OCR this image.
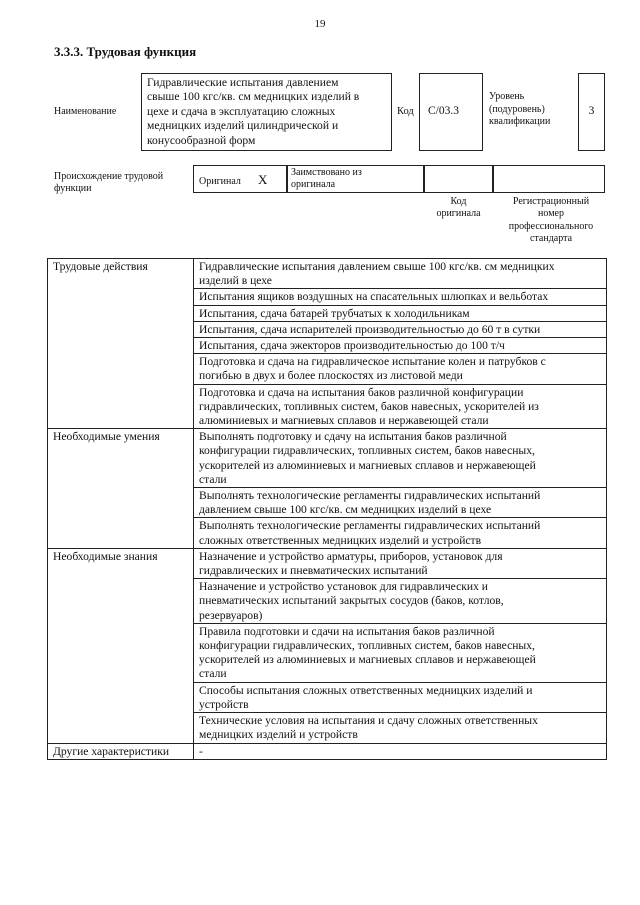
19
3.3.3. Трудовая функция
Наименование
Гидравлические испытания давлением
свыше 100 кгс/кв. см медницких изделий в
цехе и сдача в эксплуатацию сложных
медницких изделий цилиндрической и
конусообразной форм
Код C/03.3
Уровень
(подуровень)
квалификации
3
Происхождение трудовой
функции
Оригинал X Заимствовано из
оригинала
Код
оригинала
Регистрационный
номер
профессионального
стандарта
Трудовые действия	Гидравлические испытания давлением свыше 100 кгс/кв. см медницких
изделий в цехе

	Испытания ящиков воздушных на спасательных шлюпках и вельботах

	Испытания, сдача батарей трубчатых к холодильникам

	Испытания, сдача испарителей производительностью до 60 т в сутки

	Испытания, сдача эжекторов производительностью до 100 т/ч

	Подготовка и сдача на гидравлическое испытание колен и патрубков с
погибью в двух и более плоскостях из листовой меди

	Подготовка и сдача на испытания баков различной конфигурации
гидравлических, топливных систем, баков навесных, ускорителей из
алюминиевых и магниевых сплавов и нержавеющей стали

Необходимые умения	Выполнять подготовку и сдачу на испытания баков различной
конфигурации гидравлических, топливных систем, баков навесных,
ускорителей из алюминиевых и магниевых сплавов и нержавеющей
стали

	Выполнять технологические регламенты гидравлических испытаний
давлением свыше 100 кгс/кв. см медницких изделий в цехе

	Выполнять технологические регламенты гидравлических испытаний
сложных ответственных медницких изделий и устройств

Необходимые знания	Назначение и устройство арматуры, приборов, установок для
гидравлических и пневматических испытаний

	Назначение и устройство установок для гидравлических и
пневматических испытаний закрытых сосудов (баков, котлов,
резервуаров)

	Правила подготовки и сдачи на испытания баков различной
конфигурации гидравлических, топливных систем, баков навесных,
ускорителей из алюминиевых и магниевых сплавов и нержавеющей
стали

	Способы испытания сложных ответственных медницких изделий и
устройств

	Технические условия на испытания и сдачу сложных ответственных
медницких изделий и устройств

Другие характеристики	-
